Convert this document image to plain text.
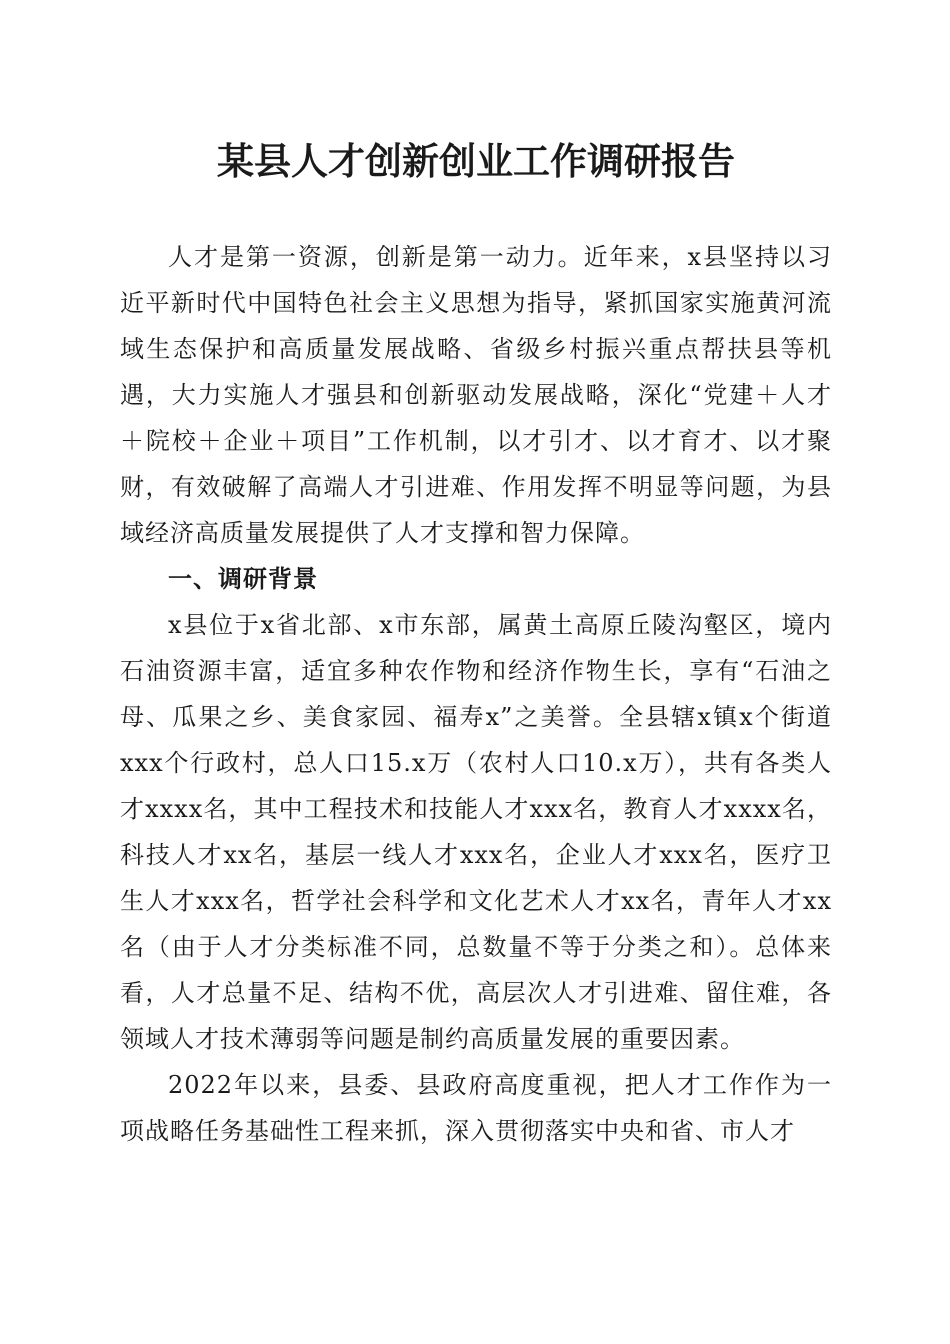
某县人才创新创业工作调研报告

人才是第一资源，创新是第一动力。近年来，x县坚持以习近平新时代中国特色社会主义思想为指导，紧抓国家实施黄河流域生态保护和高质量发展战略、省级乡村振兴重点帮扶县等机遇，大力实施人才强县和创新驱动发展战略，深化“党建＋人才＋院校＋企业＋项目”工作机制，以才引才、以才育才、以才聚财，有效破解了高端人才引进难、作用发挥不明显等问题，为县域经济高质量发展提供了人才支撑和智力保障。

一、调研背景

x县位于x省北部、x市东部，属黄土高原丘陵沟壑区，境内石油资源丰富，适宜多种农作物和经济作物生长，享有“石油之母、瓜果之乡、美食家园、福寿x”之美誉。全县辖x镇x个街道xxx个行政村，总人口15.x万（农村人口10.x万），共有各类人才xxxx名，其中工程技术和技能人才xxx名，教育人才xxxx名，科技人才xx名，基层一线人才xxx名，企业人才xxx名，医疗卫生人才xxx名，哲学社会科学和文化艺术人才xx名，青年人才xx名（由于人才分类标准不同，总数量不等于分类之和）。总体来看，人才总量不足、结构不优，高层次人才引进难、留住难，各领域人才技术薄弱等问题是制约高质量发展的重要因素。

2022年以来，县委、县政府高度重视，把人才工作作为一项战略任务基础性工程来抓，深入贯彻落实中央和省、市人才
